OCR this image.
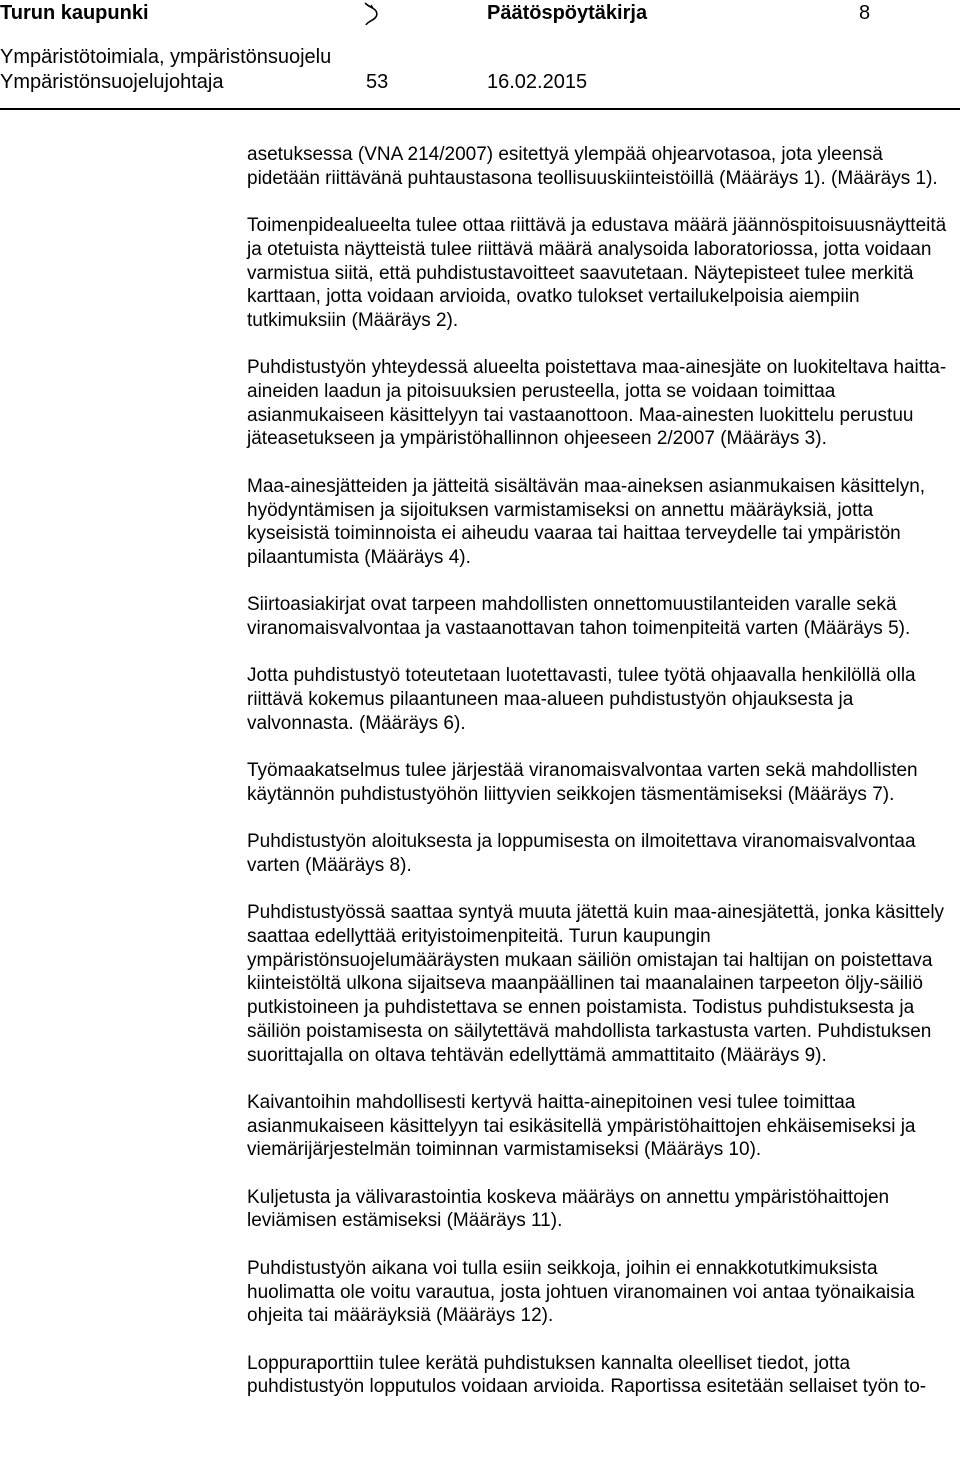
Turun kaupunki	Päätöspöytäkirja	8
Ympäristötoimiala, ympäristönsuojelu
Ympäristönsuojelujohtaja	53	16.02.2015

asetuksessa (VNA 214/2007) esitettyä ylempää ohjearvotasoa, jota yleensä pidetään riittävänä puhtaustasona teollisuuskiinteistöillä (Määräys 1). (Määräys 1).

Toimenpidealueelta tulee ottaa riittävä ja edustava määrä jäännöspitoisuusnäytteitä ja otetuista näytteistä tulee riittävä määrä analysoida laboratoriossa, jotta voidaan varmistua siitä, että puhdistustavoitteet saavutetaan. Näytepisteet tulee merkitä karttaan, jotta voidaan arvioida, ovatko tulokset vertailukelpoisia aiempiin tutkimuksiin (Määräys 2).

Puhdistustyön yhteydessä alueelta poistettava maa-ainesjäte on luokiteltava haitta-aineiden laadun ja pitoisuuksien perusteella, jotta se voidaan toimittaa asianmukaiseen käsittelyyn tai vastaanottoon. Maa-ainesten luokittelu perustuu jäteasetukseen ja ympäristöhallinnon ohjeeseen 2/2007 (Määräys 3).

Maa-ainesjätteiden ja jätteitä sisältävän maa-aineksen asianmukaisen käsittelyn, hyödyntämisen ja sijoituksen varmistamiseksi on annettu määräyksiä, jotta kyseisistä toiminnoista ei aiheudu vaaraa tai haittaa terveydelle tai ympäristön pilaantumista (Määräys 4).

Siirtoasiakirjat ovat tarpeen mahdollisten onnettomuustilanteiden varalle sekä viranomaisvalvontaa ja vastaanottavan tahon toimenpiteitä varten (Määräys 5).

Jotta puhdistustyö toteutetaan luotettavasti, tulee työtä ohjaavalla henkilöllä olla riittävä kokemus pilaantuneen maa-alueen puhdistustyön ohjauksesta ja valvonnasta. (Määräys 6).

Työmaakatselmus tulee järjestää viranomaisvalvontaa varten sekä mahdollisten käytännön puhdistustyöhön liittyvien seikkojen täsmentämiseksi (Määräys 7).

Puhdistustyön aloituksesta ja loppumisesta on ilmoitettava viranomaisvalvontaa varten (Määräys 8).

Puhdistustyössä saattaa syntyä muuta jätettä kuin maa-ainesjätettä, jonka käsittely saattaa edellyttää erityistoimenpiteitä. Turun kaupungin ympäristönsuojelumääräysten mukaan säiliön omistajan tai haltijan on poistettava kiinteistöltä ulkona sijaitseva maanpäällinen tai maanalainen tarpeeton öljy-säiliö putkistoineen ja puhdistettava se ennen poistamista. Todistus puhdistuksesta ja säiliön poistamisesta on säilytettävä mahdollista tarkastusta varten. Puhdistuksen suorittajalla on oltava tehtävän edellyttämä ammattitaito (Määräys 9).

Kaivantoihin mahdollisesti kertyvä haitta-ainepitoinen vesi tulee toimittaa asianmukaiseen käsittelyyn tai esikäsitellä ympäristöhaittojen ehkäisemiseksi ja viemärijärjestelmän toiminnan varmistamiseksi (Määräys 10).

Kuljetusta ja välivarastointia koskeva määräys on annettu ympäristöhaittojen leviämisen estämiseksi (Määräys 11).

Puhdistustyön aikana voi tulla esiin seikkoja, joihin ei ennakkotutkimuksista huolimatta ole voitu varautua, josta johtuen viranomainen voi antaa työnaikaisia ohjeita tai määräyksiä (Määräys 12).

Loppuraporttiin tulee kerätä puhdistuksen kannalta oleelliset tiedot, jotta puhdistustyön lopputulos voidaan arvioida. Raportissa esitetään sellaiset työn to-
